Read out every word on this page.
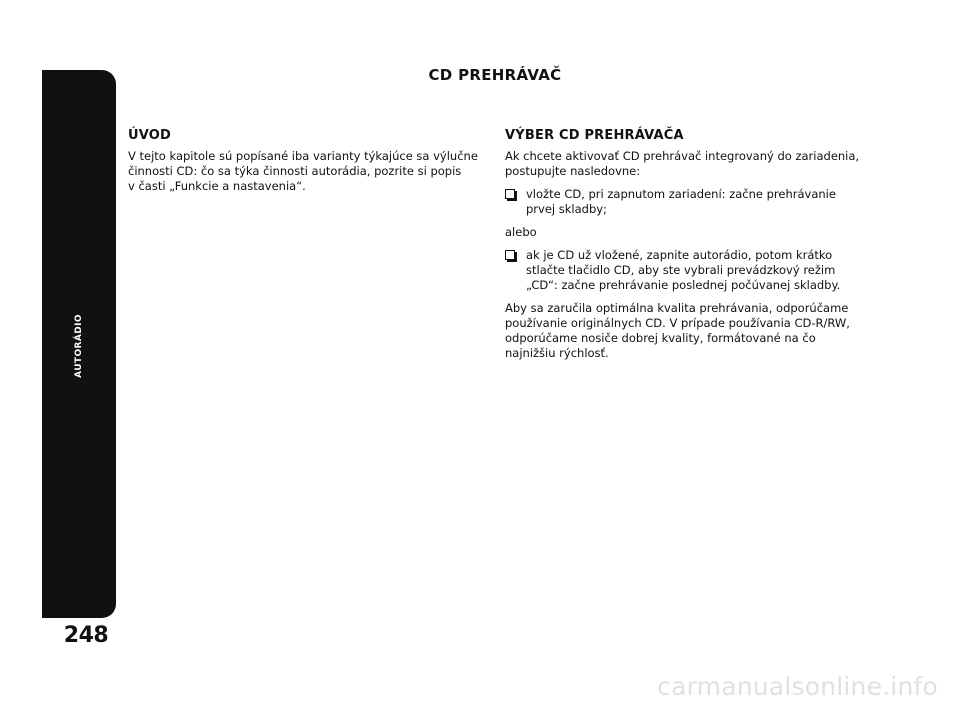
AUTORÁDIO
248
CD PREHRÁVAČ
ÚVOD

V tejto kapitole sú popísané iba varianty týkajúce sa výlučne
činnosti CD: čo sa týka činnosti autorádia, pozrite si popis
v časti „Funkcie a nastavenia“.

VÝBER CD PREHRÁVAČA

Ak chcete aktivovať CD prehrávač integrovaný do zariadenia,
postupujte nasledovne:

vložte CD, pri zapnutom zariadení: začne prehrávanie
prvej skladby;

alebo

ak je CD už vložené, zapnite autorádio, potom krátko
stlačte tlačidlo CD, aby ste vybrali prevádzkový režim
„CD“: začne prehrávanie poslednej počúvanej skladby.

Aby sa zaručila optimálna kvalita prehrávania, odporúčame
používanie originálnych CD. V prípade používania CD-R/RW,
odporúčame nosiče dobrej kvality, formátované na čo
najnižšiu rýchlosť.

carmanualsonline.info
